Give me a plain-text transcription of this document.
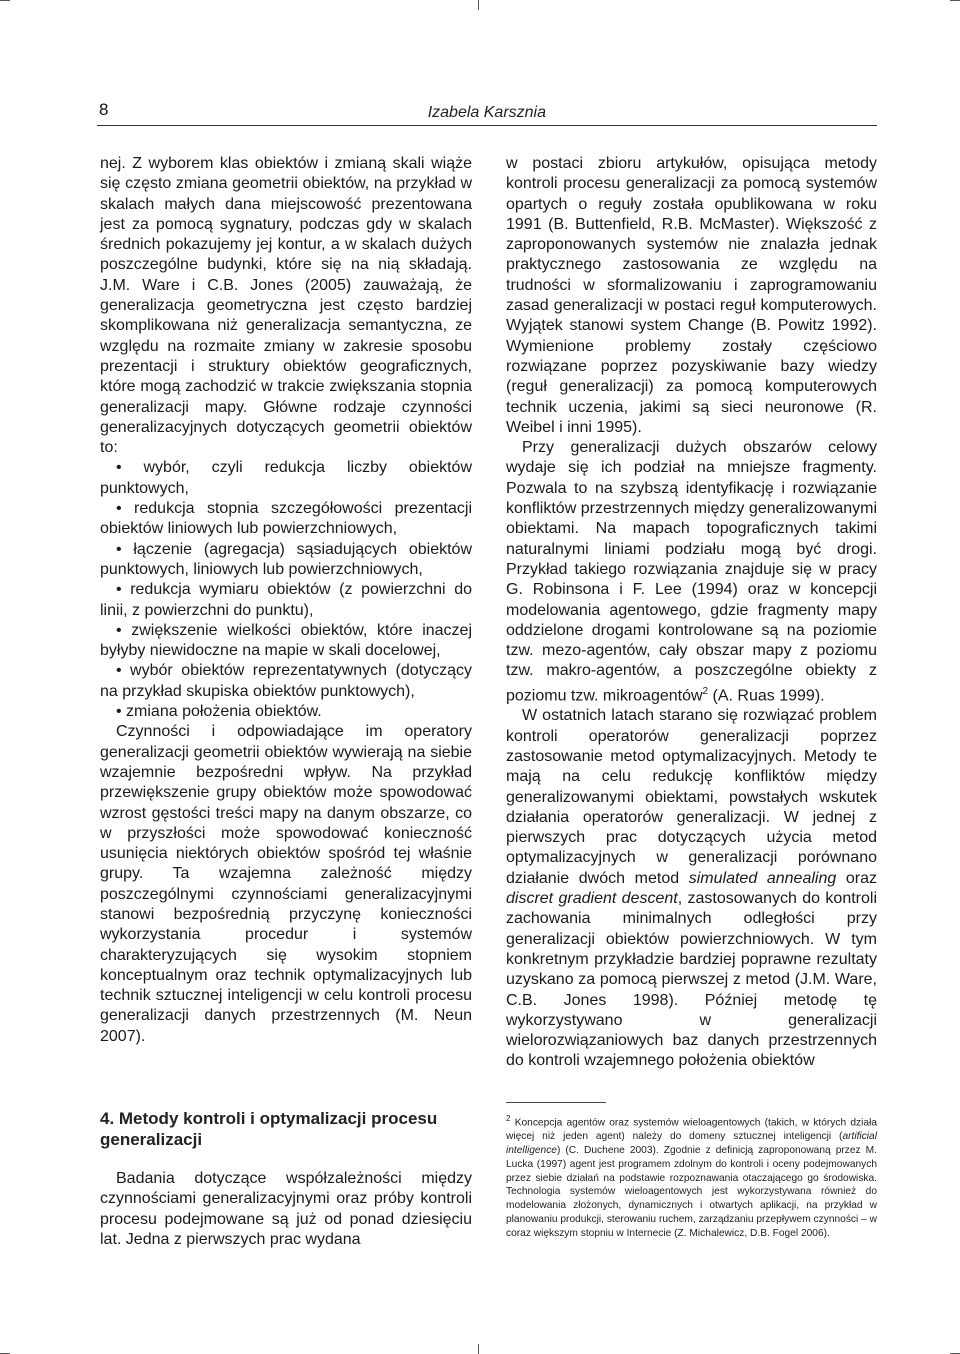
8	Izabela Karsznia

nej. Z wyborem klas obiektów i zmianą skali wiąże się często zmiana geometrii obiektów, na przykład w skalach małych dana miejscowość prezentowana jest za pomocą sygnatury, podczas gdy w skalach średnich pokazujemy jej kontur, a w skalach dużych poszczególne budynki, które się na nią składają. J.M. Ware i C.B. Jones (2005) zauważają, że generalizacja geometryczna jest często bardziej skomplikowana niż generalizacja semantyczna, ze względu na rozmaite zmiany w zakresie sposobu prezentacji i struktury obiektów geograficznych, które mogą zachodzić w trakcie zwiększania stopnia generalizacji mapy. Główne rodzaje czynności generalizacyjnych dotyczących geometrii obiektów to:

• wybór, czyli redukcja liczby obiektów punktowych,

• redukcja stopnia szczegółowości prezentacji obiektów liniowych lub powierzchniowych,

• łączenie (agregacja) sąsiadujących obiektów punktowych, liniowych lub powierzchniowych,

• redukcja wymiaru obiektów (z powierzchni do linii, z powierzchni do punktu),

• zwiększenie wielkości obiektów, które inaczej byłyby niewidoczne na mapie w skali docelowej,

• wybór obiektów reprezentatywnych (dotyczący na przykład skupiska obiektów punktowych),

• zmiana położenia obiektów.

Czynności i odpowiadające im operatory generalizacji geometrii obiektów wywierają na siebie wzajemnie bezpośredni wpływ. Na przykład przewiększenie grupy obiektów może spowodować wzrost gęstości treści mapy na danym obszarze, co w przyszłości może spowodować konieczność usunięcia niektórych obiektów spośród tej właśnie grupy. Ta wzajemna zależność między poszczególnymi czynnościami generalizacyjnymi stanowi bezpośrednią przyczynę konieczności wykorzystania procedur i systemów charakteryzujących się wysokim stopniem konceptualnym oraz technik optymalizacyjnych lub technik sztucznej inteligencji w celu kontroli procesu generalizacji danych przestrzennych (M. Neun 2007).

4. Metody kontroli i optymalizacji procesu generalizacji

Badania dotyczące współzależności między czynnościami generalizacyjnymi oraz próby kontroli procesu podejmowane są już od ponad dziesięciu lat. Jedna z pierwszych prac wydana

w postaci zbioru artykułów, opisująca metody kontroli procesu generalizacji za pomocą systemów opartych o reguły została opublikowana w roku 1991 (B. Buttenfield, R.B. McMaster). Większość z zaproponowanych systemów nie znalazła jednak praktycznego zastosowania ze względu na trudności w sformalizowaniu i zaprogramowaniu zasad generalizacji w postaci reguł komputerowych. Wyjątek stanowi system Change (B. Powitz 1992). Wymienione problemy zostały częściowo rozwiązane poprzez pozyskiwanie bazy wiedzy (reguł generalizacji) za pomocą komputerowych technik uczenia, jakimi są sieci neuronowe (R. Weibel i inni 1995).

Przy generalizacji dużych obszarów celowy wydaje się ich podział na mniejsze fragmenty. Pozwala to na szybszą identyfikację i rozwiązanie konfliktów przestrzennych między generalizowanymi obiektami. Na mapach topograficznych takimi naturalnymi liniami podziału mogą być drogi. Przykład takiego rozwiązania znajduje się w pracy G. Robinsona i F. Lee (1994) oraz w koncepcji modelowania agentowego, gdzie fragmenty mapy oddzielone drogami kontrolowane są na poziomie tzw. mezo-agentów, cały obszar mapy z poziomu tzw. makro-agentów, a poszczególne obiekty z poziomu tzw. mikroagentów$^2$ (A. Ruas 1999).

W ostatnich latach starano się rozwiązać problem kontroli operatorów generalizacji poprzez zastosowanie metod optymalizacyjnych. Metody te mają na celu redukcję konfliktów między generalizowanymi obiektami, powstałych wskutek działania operatorów generalizacji. W jednej z pierwszych prac dotyczących użycia metod optymalizacyjnych w generalizacji porównano działanie dwóch metod simulated annealing oraz discret gradient descent, zastosowanych do kontroli zachowania minimalnych odległości przy generalizacji obiektów powierzchniowych. W tym konkretnym przykładzie bardziej poprawne rezultaty uzyskano za pomocą pierwszej z metod (J.M. Ware, C.B. Jones 1998). Później metodę tę wykorzystywano w generalizacji wielorozwiązaniowych baz danych przestrzennych do kontroli wzajemnego położenia obiektów

$^2$ Koncepcja agentów oraz systemów wieloagentowych (takich, w których działa więcej niż jeden agent) należy do domeny sztucznej inteligencji (artificial intelligence) (C. Duchene 2003). Zgodnie z definicją zaproponowaną przez M. Lucka (1997) agent jest programem zdolnym do kontroli i oceny podejmowanych przez siebie działań na podstawie rozpoznawania otaczającego go środowiska. Technologia systemów wieloagentowych jest wykorzystywana również do modelowania złożonych, dynamicznych i otwartych aplikacji, na przykład w planowaniu produkcji, sterowaniu ruchem, zarządzaniu przepływem czynności – w coraz większym stopniu w Internecie (Z. Michalewicz, D.B. Fogel 2006).
